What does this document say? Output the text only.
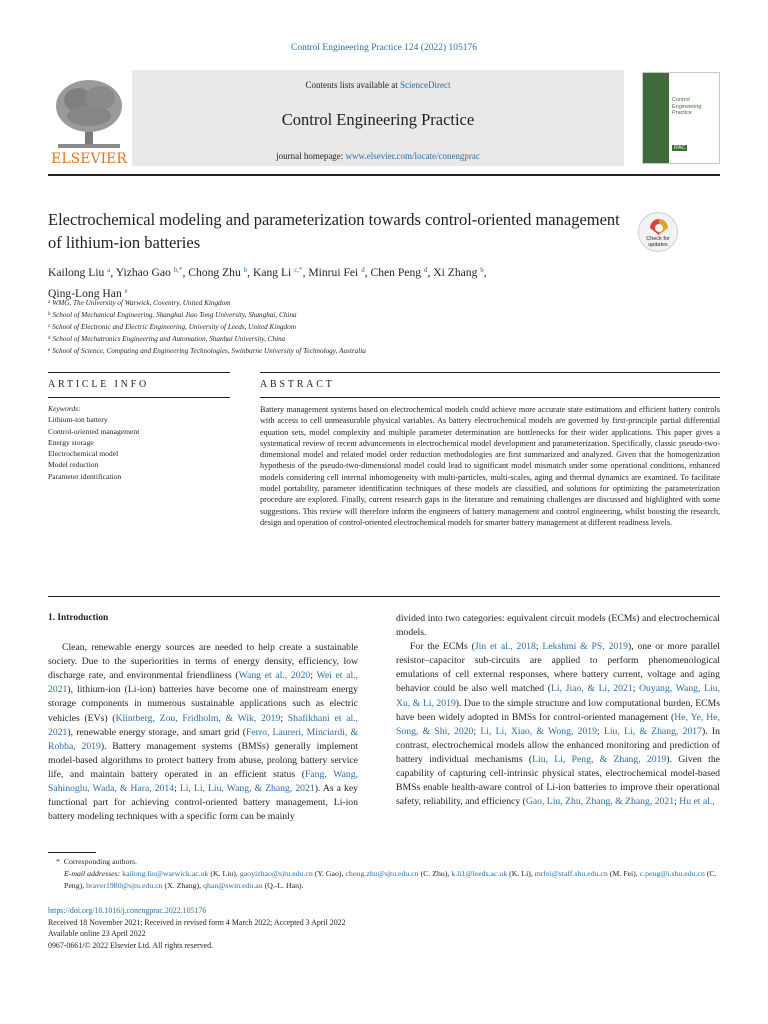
Control Engineering Practice 124 (2022) 105176
ELSEVIER
Contents lists available at ScienceDirect
Control Engineering Practice
journal homepage: www.elsevier.com/locate/conengprac
Control Engineering Practice
IFAC
Electrochemical modeling and parameterization towards control-oriented management of lithium-ion batteries	Check for updates
Kailong Liu $^a$, Yizhao Gao $^{b,*}$, Chong Zhu $^b$, Kang Li $^{c,*}$, Minrui Fei $^d$, Chen Peng $^d$, Xi Zhang $^b$,
Qing-Long Han $^e$
$^a$ WMG, The University of Warwick, Coventry, United Kingdom
$^b$ School of Mechanical Engineering, Shanghai Jiao Tong University, Shanghai, China
$^c$ School of Electronic and Electric Engineering, University of Leeds, United Kingdom
$^d$ School of Mechatronics Engineering and Automation, Shanhai University, China
$^e$ School of Science, Computing and Engineering Technologies, Swinburne University of Technology, Australia
ARTICLE INFO	ABSTRACT
Keywords:
Lithium-ion battery
Control-oriented management
Energy storage
Electrochemical model
Model reduction
Parameter identification
Battery management systems based on electrochemical models could achieve more accurate state estimations and efficient battery controls with access to cell unmeasurable physical variables. As battery electrochemical models are governed by first-principle partial differential equation sets, model complexity and multiple parameter determination are bottlenecks for their wider applications. This paper gives a systematical review of recent advancements in electrochemical model development and parameterization. Specifically, classic pseudo-two-dimensional model and related model order reduction methodologies are first summarized and analyzed. Given that the homogenization hypothesis of the pseudo-two-dimensional model could lead to significant model mismatch under some operational conditions, enhanced models considering cell internal inhomogeneity with multi-particles, multi-scales, aging and thermal dynamics are examined. To facilitate model portability, parameter identification techniques of these models are classified, and solutions for optimizing the parameterization procedure are explored. Finally, current research gaps in the literature and remaining challenges are discussed and highlighted with some suggestions. This review will therefore inform the engineers of battery management and control engineering, whilst boosting the research, design and operation of control-oriented electrochemical models for smarter battery management at different readiness levels.
1. Introduction

Clean, renewable energy sources are needed to help create a sustainable society. Due to the superiorities in terms of energy density, efficiency, low discharge rate, and environmental friendliness (Wang et al., 2020; Wei et al., 2021), lithium-ion (Li-ion) batteries have become one of mainstream energy storage components in numerous sustainable applications such as electric vehicles (EVs) (Klintberg, Zou, Fridholm, & Wik, 2019; Shafikhani et al., 2021), renewable energy storage, and smart grid (Ferro, Laureri, Minciardi, & Robba, 2019). Battery management systems (BMSs) generally implement model-based algorithms to protect battery from abuse, prolong battery service life, and maintain battery operated in an efficient status (Fang, Wang, Sahinoglu, Wada, & Hara, 2014; Li, Li, Liu, Wang, & Zhang, 2021). As a key functional part for achieving control-oriented battery management, Li-ion battery modeling techniques with a specific form can be mainly

divided into two categories: equivalent circuit models (ECMs) and electrochemical models.

For the ECMs (Jin et al., 2018; Lekshmi & PS, 2019), one or more parallel resistor–capacitor sub-circuits are applied to perform phenomenological emulations of cell external responses, where battery current, voltage and aging behavior could be also well matched (Li, Jiao, & Li, 2021; Ouyang, Wang, Liu, Xu, & Li, 2019). Due to the simple structure and low computational burden, ECMs have been widely adopted in BMSs for control-oriented management (He, Ye, He, Song, & Shi, 2020; Li, Li, Xiao, & Wong, 2019; Liu, Li, & Zhang, 2017). In contrast, electrochemical models allow the enhanced monitoring and prediction of battery individual mechanisms (Liu, Li, Peng, & Zhang, 2019). Given the capability of capturing cell-intrinsic physical states, electrochemical model-based BMSs enable health-aware control of Li-ion batteries to improve their operational safety, reliability, and efficiency (Gao, Liu, Zhu, Zhang, & Zhang, 2021; Hu et al.,

*  Corresponding authors.
E-mail addresses: kailong.liu@warwick.ac.uk (K. Liu), gaoyizhao@sjtu.edu.cn (Y. Gao), chong.zhu@sjtu.edu.cn (C. Zhu), k.li1@leeds.ac.uk (K. Li), mrfei@staff.shu.edu.cn (M. Fei), c.peng@i.shu.edu.cn (C. Peng), braver1980@sjtu.edu.cn (X. Zhang), qhan@swin.edu.au (Q.-L. Han).
https://doi.org/10.1016/j.conengprac.2022.105176
Received 18 November 2021; Received in revised form 4 March 2022; Accepted 3 April 2022
Available online 23 April 2022
0967-0661/© 2022 Elsevier Ltd. All rights reserved.
